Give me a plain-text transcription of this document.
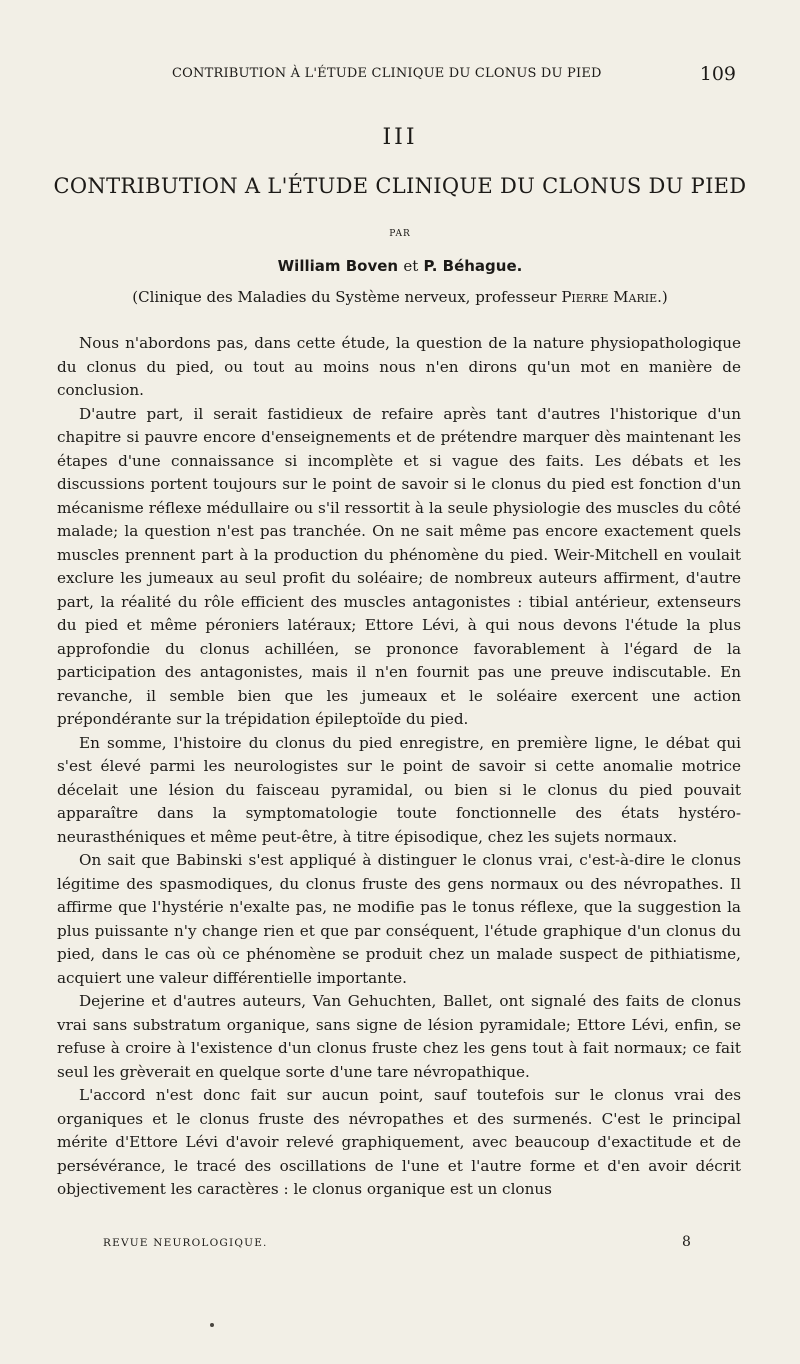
CONTRIBUTION À L'ÉTUDE CLINIQUE DU CLONUS DU PIED	109
III
CONTRIBUTION A L'ÉTUDE CLINIQUE DU CLONUS DU PIED
PAR
William Boven et P. Béhague.
(Clinique des Maladies du Système nerveux, professeur Pierre Marie.)

Nous n'abordons pas, dans cette étude, la question de la nature physiopathologique du clonus du pied, ou tout au moins nous n'en dirons qu'un mot en manière de conclusion.

D'autre part, il serait fastidieux de refaire après tant d'autres l'historique d'un chapitre si pauvre encore d'enseignements et de prétendre marquer dès maintenant les étapes d'une connaissance si incomplète et si vague des faits. Les débats et les discussions portent toujours sur le point de savoir si le clonus du pied est fonction d'un mécanisme réflexe médullaire ou s'il ressortit à la seule physiologie des muscles du côté malade; la question n'est pas tranchée. On ne sait même pas encore exactement quels muscles prennent part à la production du phénomène du pied. Weir-Mitchell en voulait exclure les jumeaux au seul profit du soléaire; de nombreux auteurs affirment, d'autre part, la réalité du rôle efficient des muscles antagonistes : tibial antérieur, extenseurs du pied et même péroniers latéraux; Ettore Lévi, à qui nous devons l'étude la plus approfondie du clonus achilléen, se prononce favorablement à l'égard de la participation des antagonistes, mais il n'en fournit pas une preuve indiscutable. En revanche, il semble bien que les jumeaux et le soléaire exercent une action prépondérante sur la trépidation épileptoïde du pied.

En somme, l'histoire du clonus du pied enregistre, en première ligne, le débat qui s'est élevé parmi les neurologistes sur le point de savoir si cette anomalie motrice décelait une lésion du faisceau pyramidal, ou bien si le clonus du pied pouvait apparaître dans la symptomatologie toute fonctionnelle des états hystéro-neurasthéniques et même peut-être, à titre épisodique, chez les sujets normaux.

On sait que Babinski s'est appliqué à distinguer le clonus vrai, c'est-à-dire le clonus légitime des spasmodiques, du clonus fruste des gens normaux ou des névropathes. Il affirme que l'hystérie n'exalte pas, ne modifie pas le tonus réflexe, que la suggestion la plus puissante n'y change rien et que par conséquent, l'étude graphique d'un clonus du pied, dans le cas où ce phénomène se produit chez un malade suspect de pithiatisme, acquiert une valeur différentielle importante.

Dejerine et d'autres auteurs, Van Gehuchten, Ballet, ont signalé des faits de clonus vrai sans substratum organique, sans signe de lésion pyramidale; Ettore Lévi, enfin, se refuse à croire à l'existence d'un clonus fruste chez les gens tout à fait normaux; ce fait seul les grèverait en quelque sorte d'une tare névropathique.

L'accord n'est donc fait sur aucun point, sauf toutefois sur le clonus vrai des organiques et le clonus fruste des névropathes et des surmenés. C'est le principal mérite d'Ettore Lévi d'avoir relevé graphiquement, avec beaucoup d'exactitude et de persévérance, le tracé des oscillations de l'une et l'autre forme et d'en avoir décrit objectivement les caractères : le clonus organique est un clonus

REVUE NEUROLOGIQUE.	8
